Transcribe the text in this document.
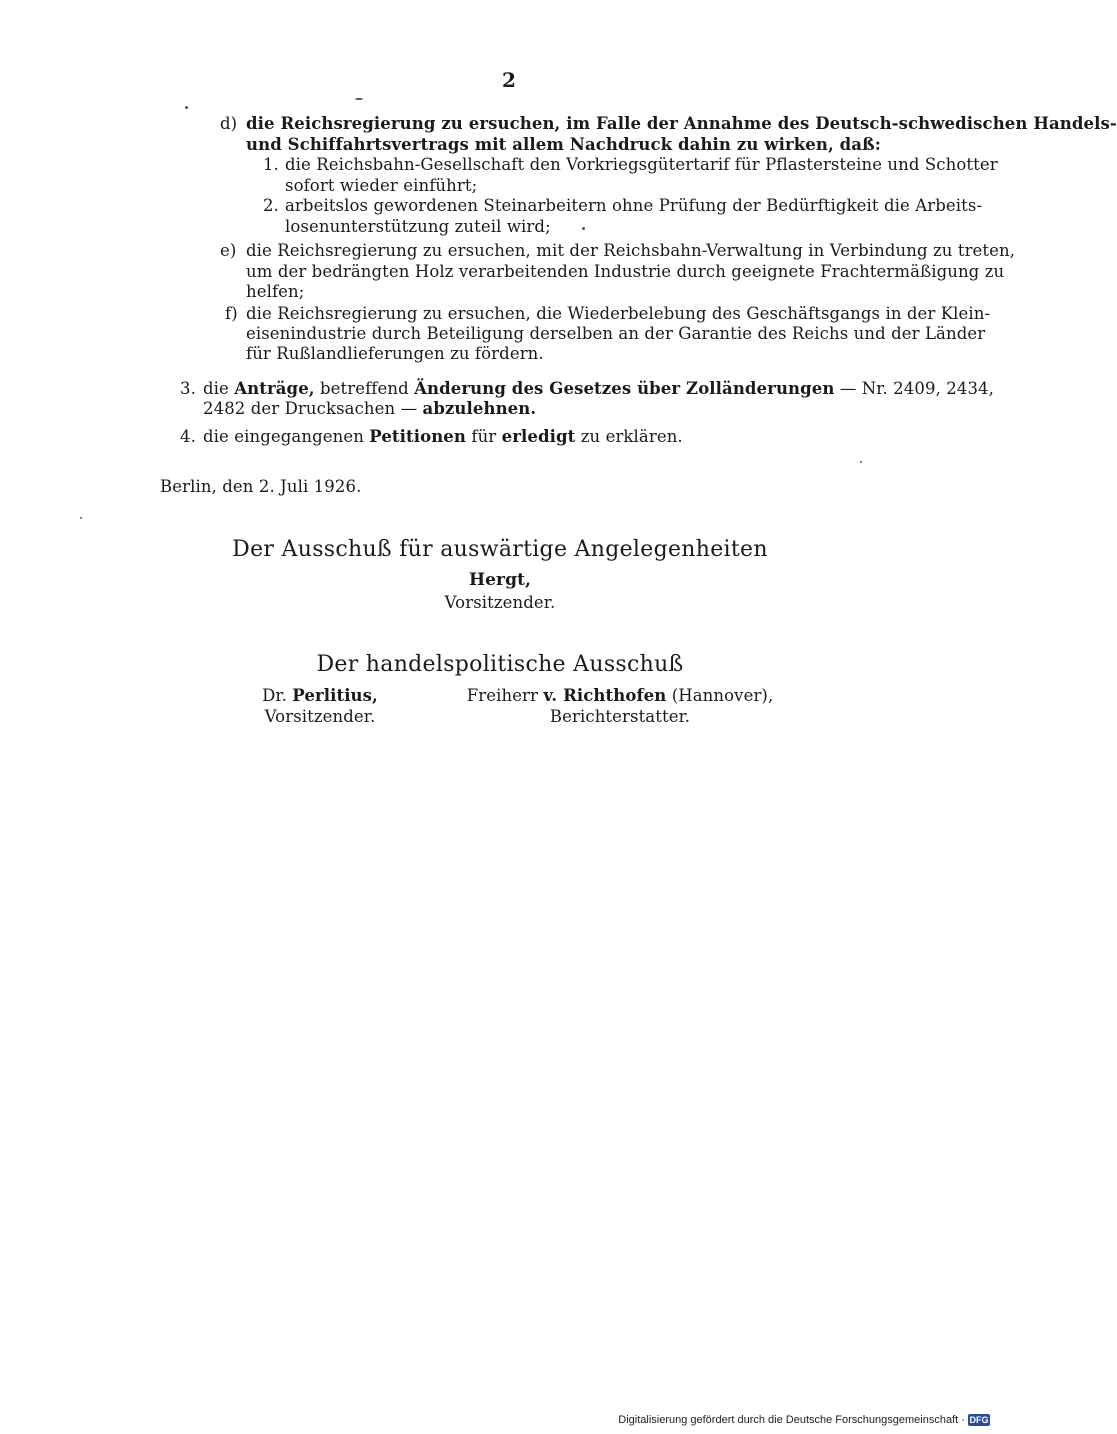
2
d) die Reichsregierung zu ersuchen, im Falle der Annahme des Deutsch-schwedischen Handels-
und Schiffahrtsvertrags mit allem Nachdruck dahin zu wirken, daß:
1. die Reichsbahn-Gesellschaft den Vorkriegsgütertarif für Pflastersteine und Schotter
sofort wieder einführt;
2. arbeitslos gewordenen Steinarbeitern ohne Prüfung der Bedürftigkeit die Arbeits-
losenunterstützung zuteil wird;
e) die Reichsregierung zu ersuchen, mit der Reichsbahn-Verwaltung in Verbindung zu treten,
um der bedrängten Holz verarbeitenden Industrie durch geeignete Frachtermäßigung zu
helfen;
f) die Reichsregierung zu ersuchen, die Wiederbelebung des Geschäftsgangs in der Klein-
eisenindustrie durch Beteiligung derselben an der Garantie des Reichs und der Länder
für Rußlandlieferungen zu fördern.
3. die Anträge, betreffend Änderung des Gesetzes über Zolländerungen — Nr. 2409, 2434,
2482 der Drucksachen — abzulehnen.
4. die eingegangenen Petitionen für erledigt zu erklären.
Berlin, den 2. Juli 1926.
Der Ausschuß für auswärtige Angelegenheiten
Hergt,
Vorsitzender.
Der handelspolitische Ausschuß
Dr. Perlitius,
Vorsitzender.
Freiherr v. Richthofen (Hannover),
Berichterstatter.
Digitalisierung gefördert durch die Deutsche Forschungsgemeinschaft · DFG
